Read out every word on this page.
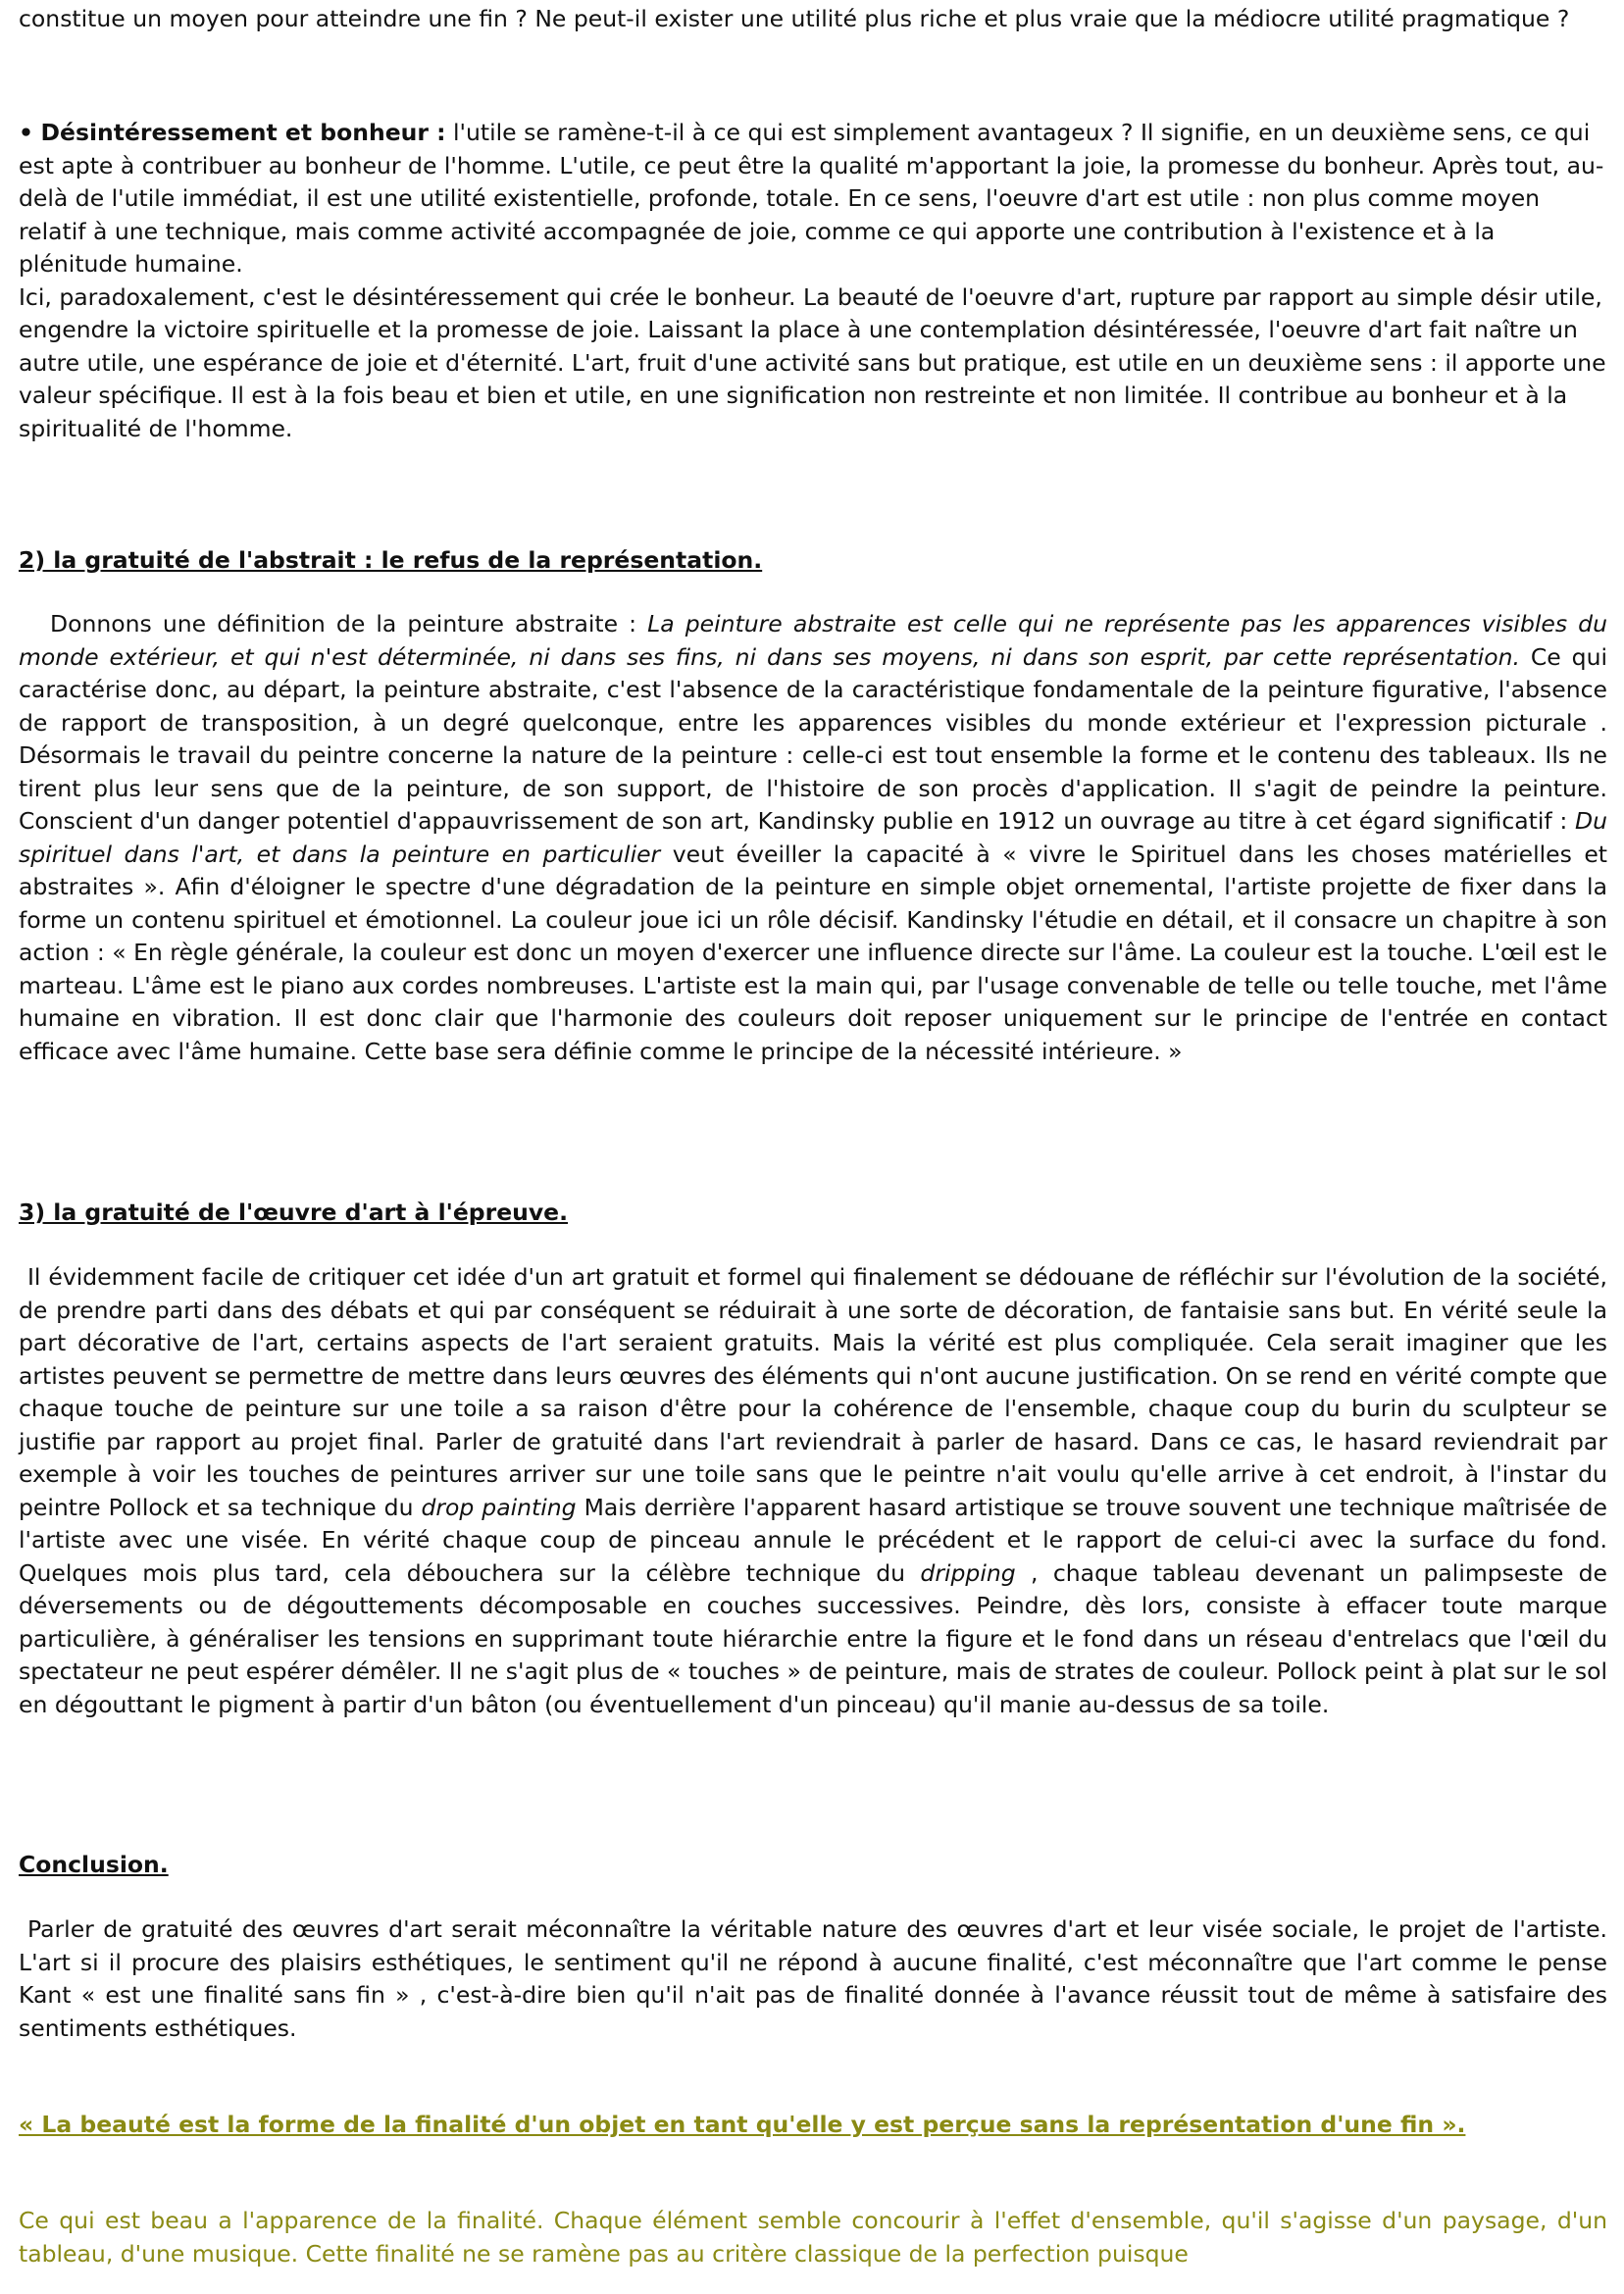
constitue un moyen pour atteindre une fin ? Ne peut-il exister une utilité plus riche et plus vraie que la médiocre utilité pragmatique ?

• Désintéressement et bonheur : l'utile se ramène-t-il à ce qui est simplement avantageux ? Il signifie, en un deuxième sens, ce qui est apte à contribuer au bonheur de l'homme. L'utile, ce peut être la qualité m'apportant la joie, la promesse du bonheur. Après tout, au-delà de l'utile immédiat, il est une utilité existentielle, profonde, totale. En ce sens, l'oeuvre d'art est utile : non plus comme moyen relatif à une technique, mais comme activité accompagnée de joie, comme ce qui apporte une contribution à l'existence et à la plénitude humaine.
Ici, paradoxalement, c'est le désintéressement qui crée le bonheur. La beauté de l'oeuvre d'art, rupture par rapport au simple désir utile, engendre la victoire spirituelle et la promesse de joie. Laissant la place à une contemplation désintéressée, l'oeuvre d'art fait naître un autre utile, une espérance de joie et d'éternité. L'art, fruit d'une activité sans but pratique, est utile en un deuxième sens : il apporte une valeur spécifique. Il est à la fois beau et bien et utile, en une signification non restreinte et non limitée. Il contribue au bonheur et à la spiritualité de l'homme.

2) la gratuité de l'abstrait : le refus de la représentation.

Donnons une définition de la peinture abstraite : La peinture abstraite est celle qui ne représente pas les apparences visibles du monde extérieur, et qui n'est déterminée, ni dans ses fins, ni dans ses moyens, ni dans son esprit, par cette représentation. Ce qui caractérise donc, au départ, la peinture abstraite, c'est l'absence de la caractéristique fondamentale de la peinture figurative, l'absence de rapport de transposition, à un degré quelconque, entre les apparences visibles du monde extérieur et l'expression picturale . Désormais le travail du peintre concerne la nature de la peinture : celle-ci est tout ensemble la forme et le contenu des tableaux. Ils ne tirent plus leur sens que de la peinture, de son support, de l'histoire de son procès d'application. Il s'agit de peindre la peinture. Conscient d'un danger potentiel d'appauvrissement de son art, Kandinsky publie en 1912 un ouvrage au titre à cet égard significatif : Du spirituel dans l'art, et dans la peinture en particulier veut éveiller la capacité à « vivre le Spirituel dans les choses matérielles et abstraites ». Afin d'éloigner le spectre d'une dégradation de la peinture en simple objet ornemental, l'artiste projette de fixer dans la forme un contenu spirituel et émotionnel. La couleur joue ici un rôle décisif. Kandinsky l'étudie en détail, et il consacre un chapitre à son action : « En règle générale, la couleur est donc un moyen d'exercer une influence directe sur l'âme. La couleur est la touche. L'œil est le marteau. L'âme est le piano aux cordes nombreuses. L'artiste est la main qui, par l'usage convenable de telle ou telle touche, met l'âme humaine en vibration. Il est donc clair que l'harmonie des couleurs doit reposer uniquement sur le principe de l'entrée en contact efficace avec l'âme humaine. Cette base sera définie comme le principe de la nécessité intérieure. »

3) la gratuité de l'œuvre d'art à l'épreuve.

Il évidemment facile de critiquer cet idée d'un art gratuit et formel qui finalement se dédouane de réfléchir sur l'évolution de la société, de prendre parti dans des débats et qui par conséquent se réduirait à une sorte de décoration, de fantaisie sans but. En vérité seule la part décorative de l'art, certains aspects de l'art seraient gratuits. Mais la vérité est plus compliquée. Cela serait imaginer que les artistes peuvent se permettre de mettre dans leurs œuvres des éléments qui n'ont aucune justification. On se rend en vérité compte que chaque touche de peinture sur une toile a sa raison d'être pour la cohérence de l'ensemble, chaque coup du burin du sculpteur se justifie par rapport au projet final. Parler de gratuité dans l'art reviendrait à parler de hasard. Dans ce cas, le hasard reviendrait par exemple à voir les touches de peintures arriver sur une toile sans que le peintre n'ait voulu qu'elle arrive à cet endroit, à l'instar du peintre Pollock et sa technique du drop painting Mais derrière l'apparent hasard artistique se trouve souvent une technique maîtrisée de l'artiste avec une visée. En vérité chaque coup de pinceau annule le précédent et le rapport de celui-ci avec la surface du fond. Quelques mois plus tard, cela débouchera sur la célèbre technique du dripping , chaque tableau devenant un palimpseste de déversements ou de dégouttements décomposable en couches successives. Peindre, dès lors, consiste à effacer toute marque particulière, à généraliser les tensions en supprimant toute hiérarchie entre la figure et le fond dans un réseau d'entrelacs que l'œil du spectateur ne peut espérer démêler. Il ne s'agit plus de « touches » de peinture, mais de strates de couleur. Pollock peint à plat sur le sol en dégouttant le pigment à partir d'un bâton (ou éventuellement d'un pinceau) qu'il manie au-dessus de sa toile.

Conclusion.

Parler de gratuité des œuvres d'art serait méconnaître la véritable nature des œuvres d'art et leur visée sociale, le projet de l'artiste. L'art si il procure des plaisirs esthétiques, le sentiment qu'il ne répond à aucune finalité, c'est méconnaître que l'art comme le pense Kant « est une finalité sans fin » , c'est-à-dire bien qu'il n'ait pas de finalité donnée à l'avance réussit tout de même à satisfaire des sentiments esthétiques.

« La beauté est la forme de la finalité d'un objet en tant qu'elle y est perçue sans la représentation d'une fin ».

Ce qui est beau a l'apparence de la finalité. Chaque élément semble concourir à l'effet d'ensemble, qu'il s'agisse d'un paysage, d'un tableau, d'une musique. Cette finalité ne se ramène pas au critère classique de la perfection puisque
